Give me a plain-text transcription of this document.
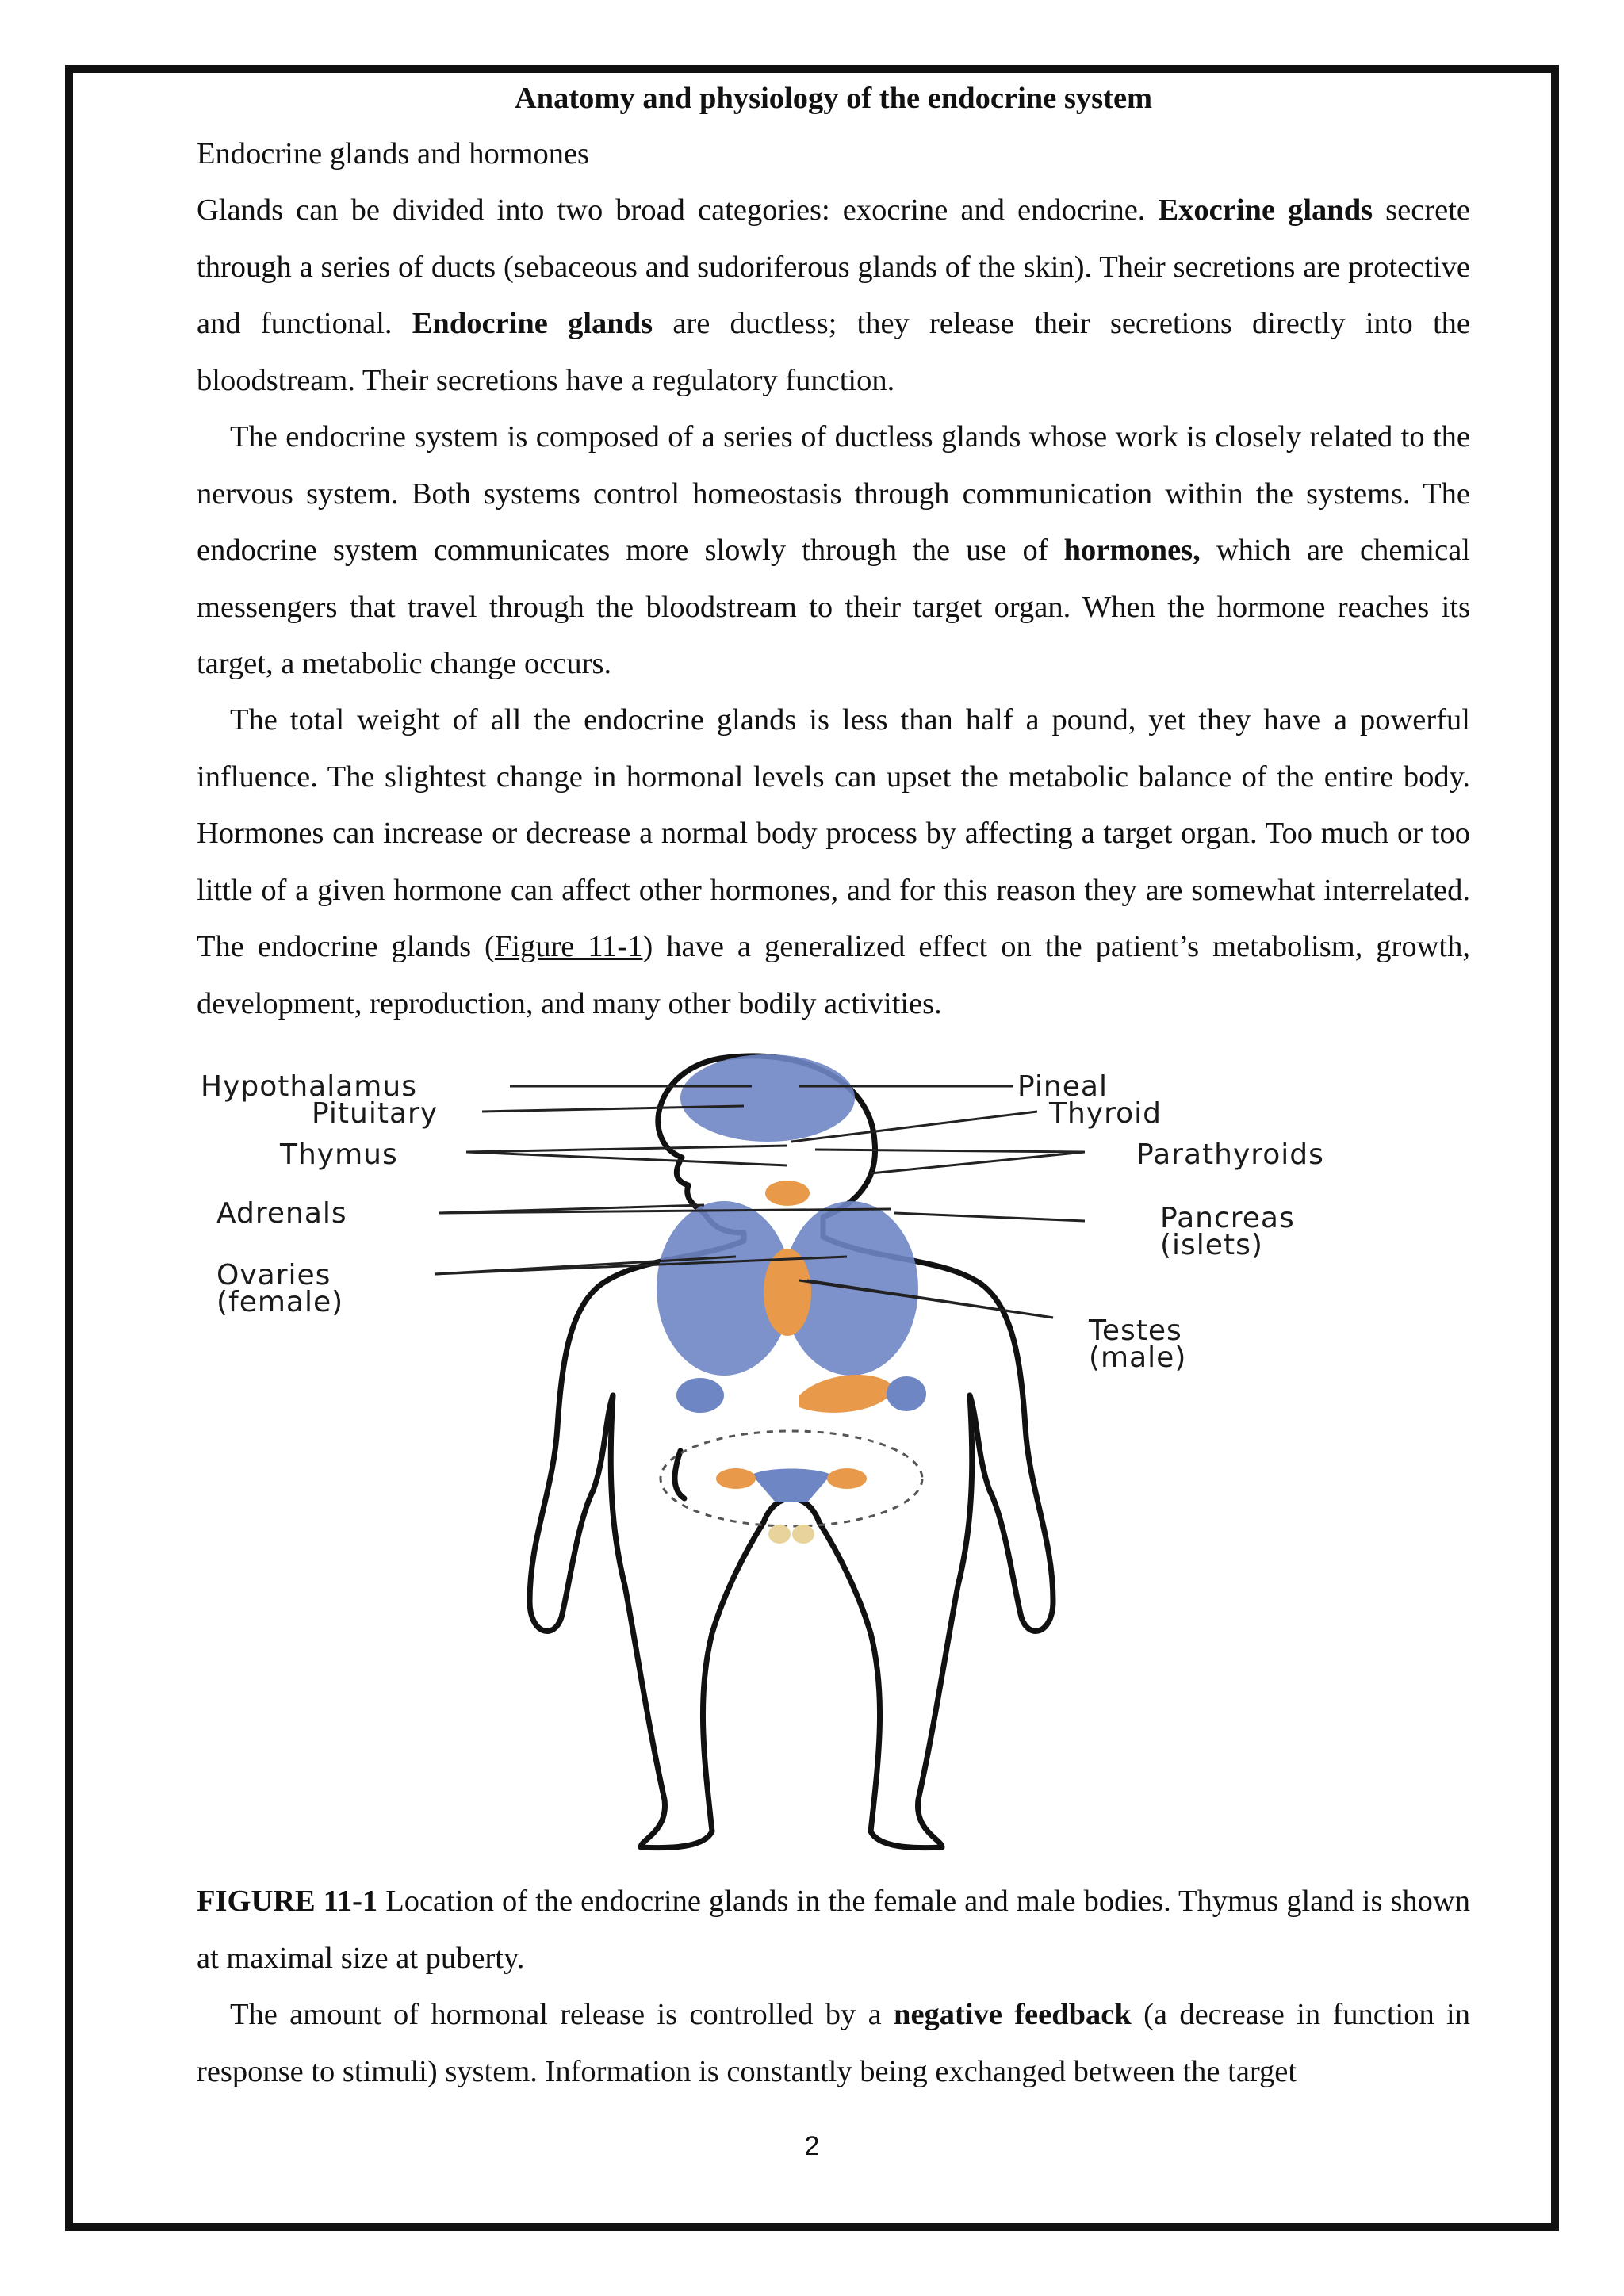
Anatomy and physiology of the endocrine system
Endocrine glands and hormones

Glands can be divided into two broad categories: exocrine and endocrine. Exocrine glands secrete through a series of ducts (sebaceous and sudoriferous glands of the skin). Their secretions are protective and functional. Endocrine glands are ductless; they release their secretions directly into the bloodstream. Their secretions have a regulatory function.

The endocrine system is composed of a series of ductless glands whose work is closely related to the nervous system. Both systems control homeostasis through communication within the systems. The endocrine system communicates more slowly through the use of hormones, which are chemical messengers that travel through the bloodstream to their target organ. When the hormone reaches its target, a metabolic change occurs.

The total weight of all the endocrine glands is less than half a pound, yet they have a powerful influence. The slightest change in hormonal levels can upset the metabolic balance of the entire body. Hormones can increase or decrease a normal body process by affecting a target organ. Too much or too little of a given hormone can affect other hormones, and for this reason they are somewhat interrelated. The endocrine glands (Figure 11-1) have a generalized effect on the patient’s metabolism, growth, development, reproduction, and many other bodily activities.

Hypothalamus
Pituitary
Thymus
Adrenals
Ovaries
(female)
Pineal
Thyroid
Parathyroids
Pancreas
(islets)
Testes
(male)

FIGURE 11-1 Location of the endocrine glands in the female and male bodies. Thymus gland is shown at maximal size at puberty.

The amount of hormonal release is controlled by a negative feedback (a decrease in function in response to stimuli) system. Information is constantly being exchanged between the target

2
